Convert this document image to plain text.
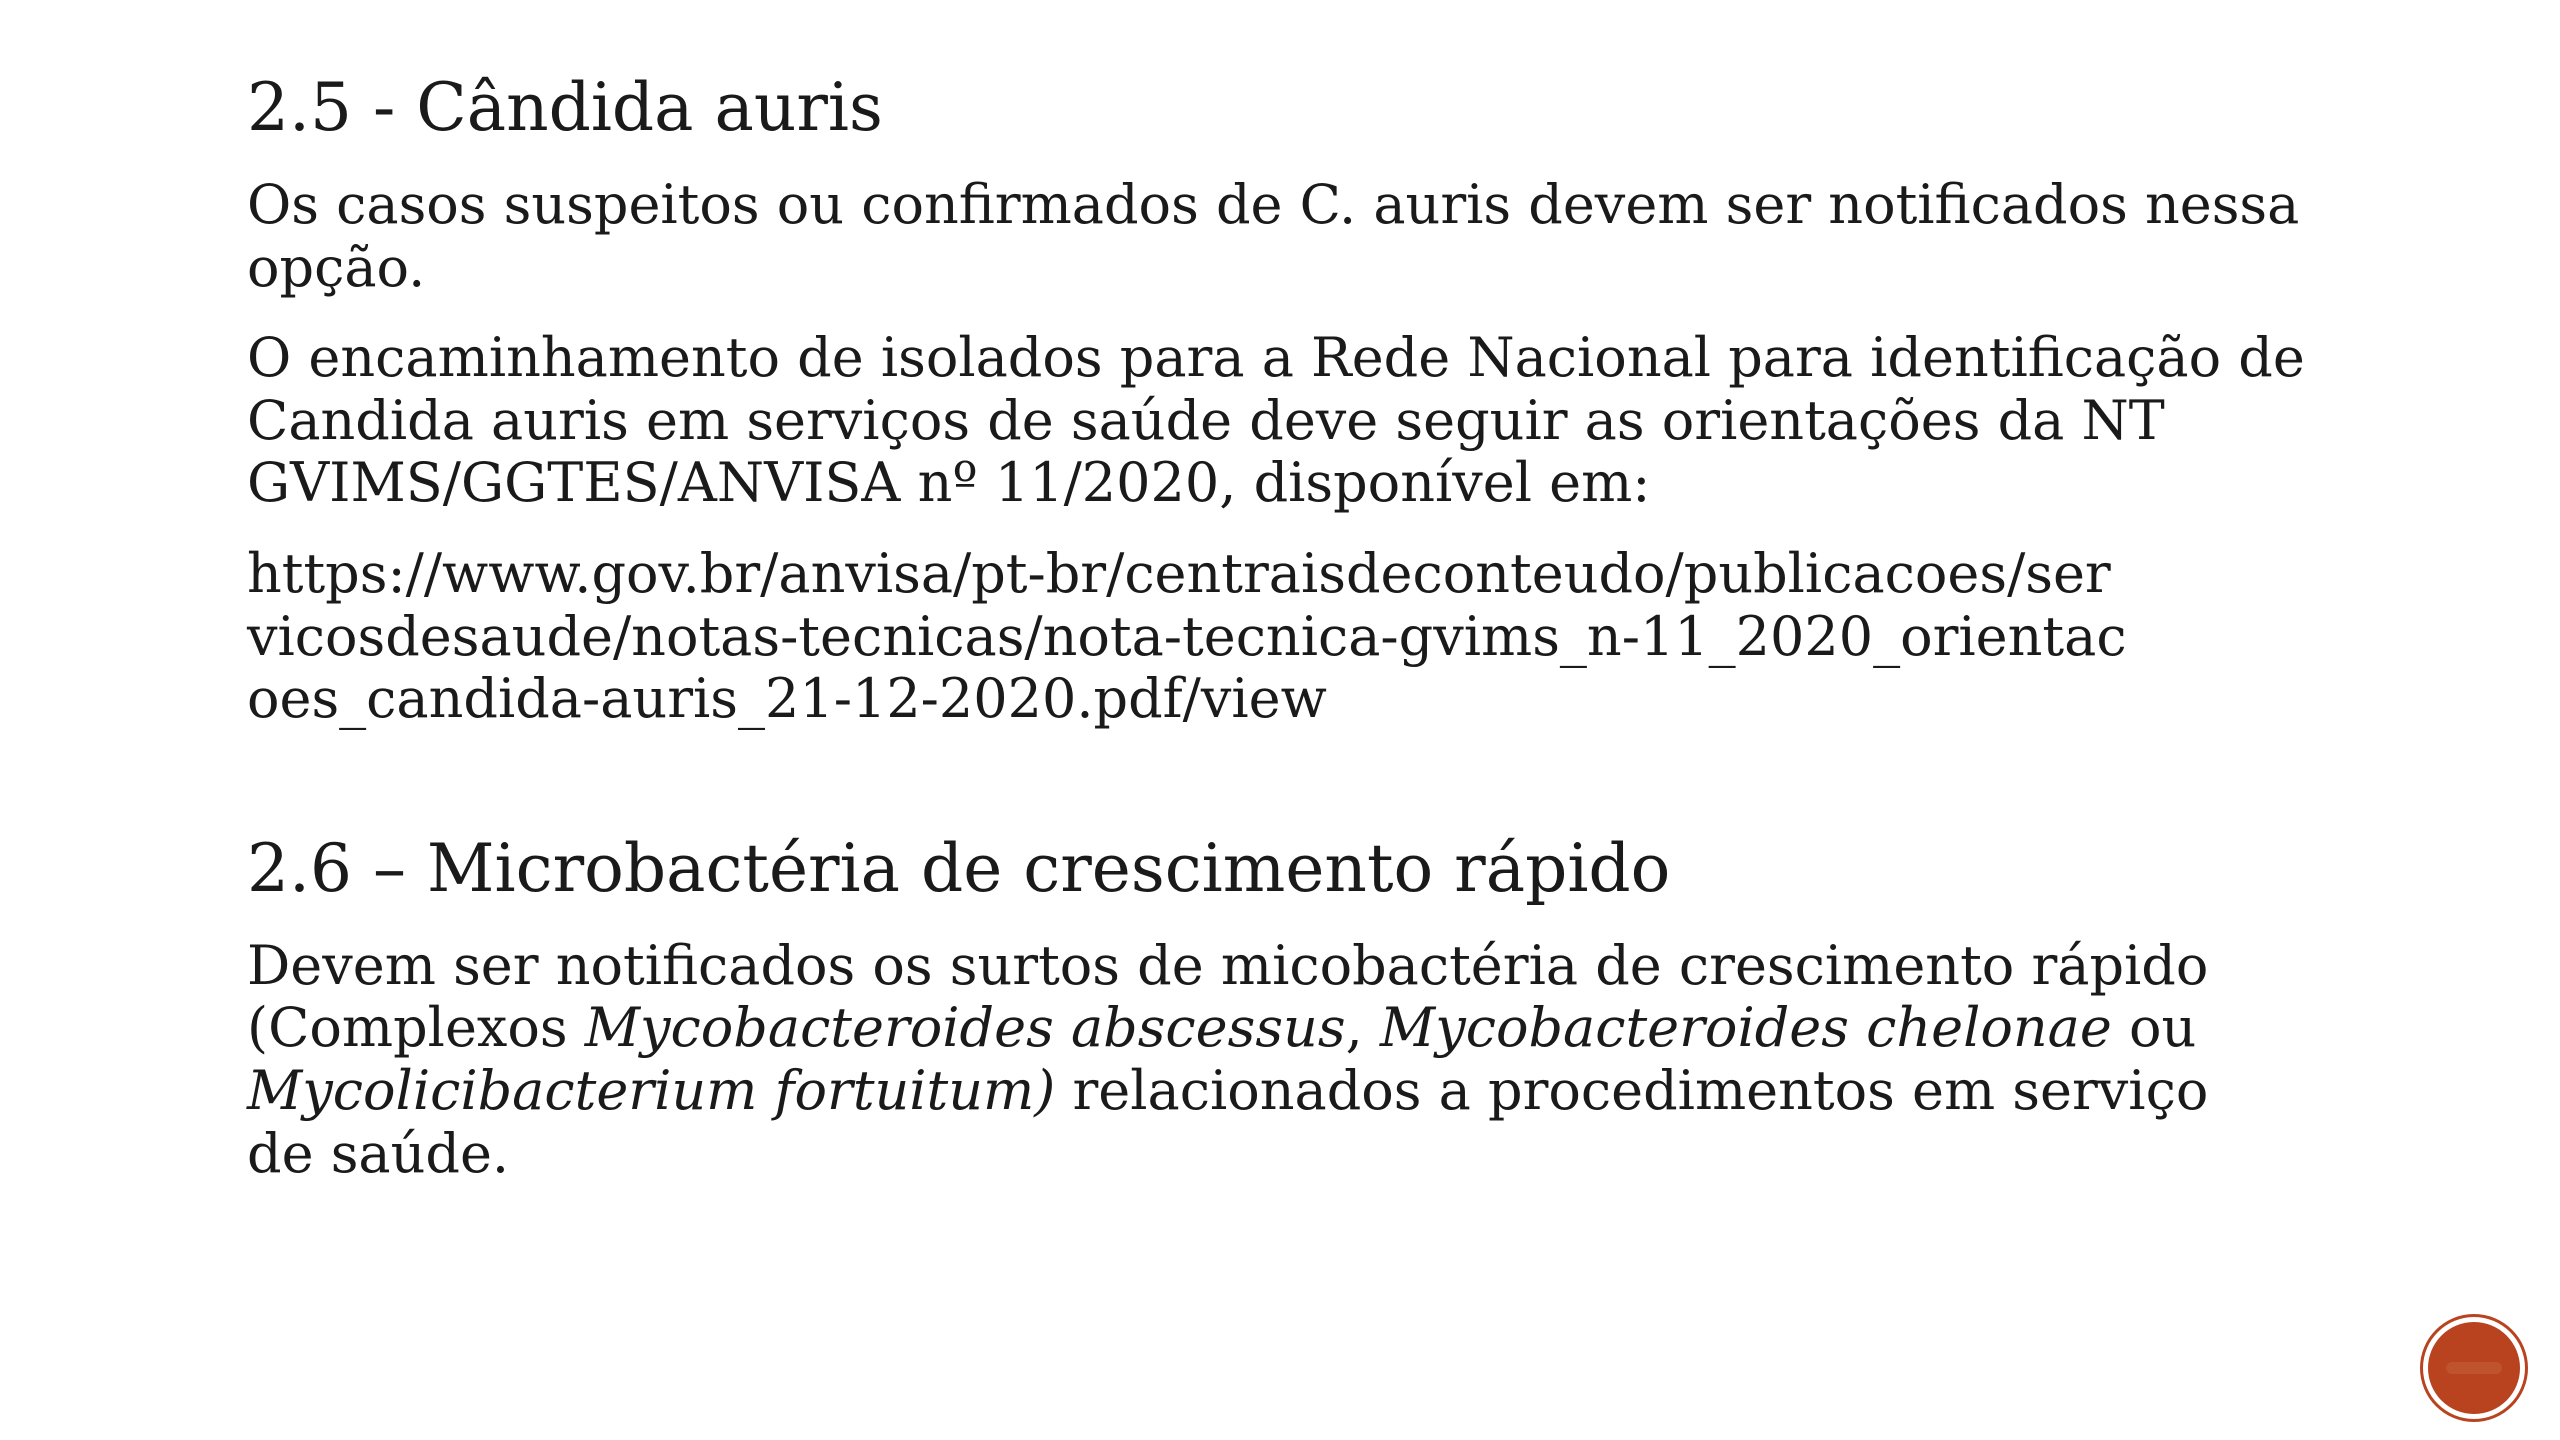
2.5 - Cândida auris

Os casos suspeitos ou confirmados de C. auris devem ser notificados nessa opção.

O encaminhamento de isolados para a Rede Nacional para identificação de Candida auris em serviços de saúde deve seguir as orientações da NT GVIMS/GGTES/ANVISA nº 11/2020, disponível em:

https://www.gov.br/anvisa/pt-br/centraisdeconteudo/publicacoes/servicosdesaude/notas-tecnicas/nota-tecnica-gvims_n-11_2020_orientacoes_candida-auris_21-12-2020.pdf/view

2.6 – Microbactéria de crescimento rápido

Devem ser notificados os surtos de micobactéria de crescimento rápido (Complexos Mycobacteroides abscessus, Mycobacteroides chelonae ou Mycolicibacterium fortuitum) relacionados a procedimentos em serviço de saúde.
